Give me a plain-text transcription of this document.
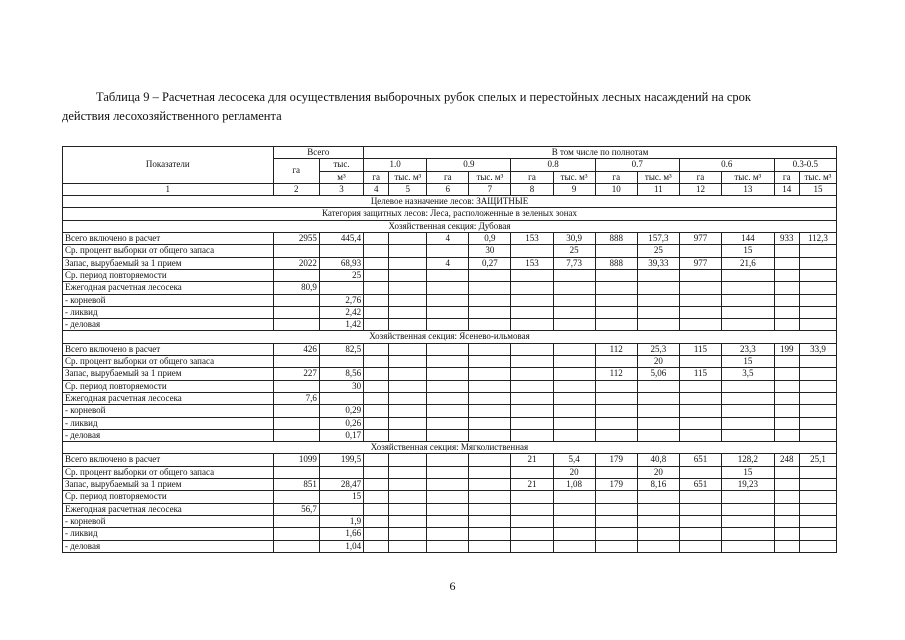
Таблица 9 – Расчетная лесосека для осуществления выборочных рубок спелых и перестойных лесных насаждений на срок
действия лесохозяйственного регламента
Показатели	Всего		В том числе по полнотам											
	га	тыс.	1.0		0.9		0.8		0.7		0.6		0.3-0.5	
		м³	га	тыс. м³	га	тыс. м³	га	тыс. м³	га	тыс. м³	га	тыс. м³	га	тыс. м³
1	2	3	4	5	6	7	8	9	10	11	12	13	14	15
Целевое назначение лесов: ЗАЩИТНЫЕ														
Категория защитных лесов: Леса, расположенные в зеленых зонах														
Хозяйственная секция: Дубовая														
Всего включено в расчет	2955	445,4			4	0,9	153	30,9	888	157,3	977	144	933	112,3
Ср. процент выборки от общего запаса						30		25		25		15		
Запас, вырубаемый за 1 прием	2022	68,93			4	0,27	153	7,73	888	39,33	977	21,6		
Ср. период повторяемости		25												
Ежегодная расчетная лесосека	80,9													
- корневой		2,76												
- ликвид		2,42												
- деловая		1,42												
Хозяйственная секция: Ясенево-ильмовая														
Всего включено в расчет	426	82,5							112	25,3	115	23,3	199	33,9
Ср. процент выборки от общего запаса										20		15		
Запас, вырубаемый за 1 прием	227	8,56							112	5,06	115	3,5		
Ср. период повторяемости		30												
Ежегодная расчетная лесосека	7,6													
- корневой		0,29												
- ликвид		0,26												
- деловая		0,17												
Хозяйственная секция: Мягколиственная														
Всего включено в расчет	1099	199,5					21	5,4	179	40,8	651	128,2	248	25,1
Ср. процент выборки от общего запаса								20		20		15		
Запас, вырубаемый за 1 прием	851	28,47					21	1,08	179	8,16	651	19,23		
Ср. период повторяемости		15												
Ежегодная расчетная лесосека	56,7													
- корневой		1,9												
- ликвид		1,66												
- деловая		1,04												
6
